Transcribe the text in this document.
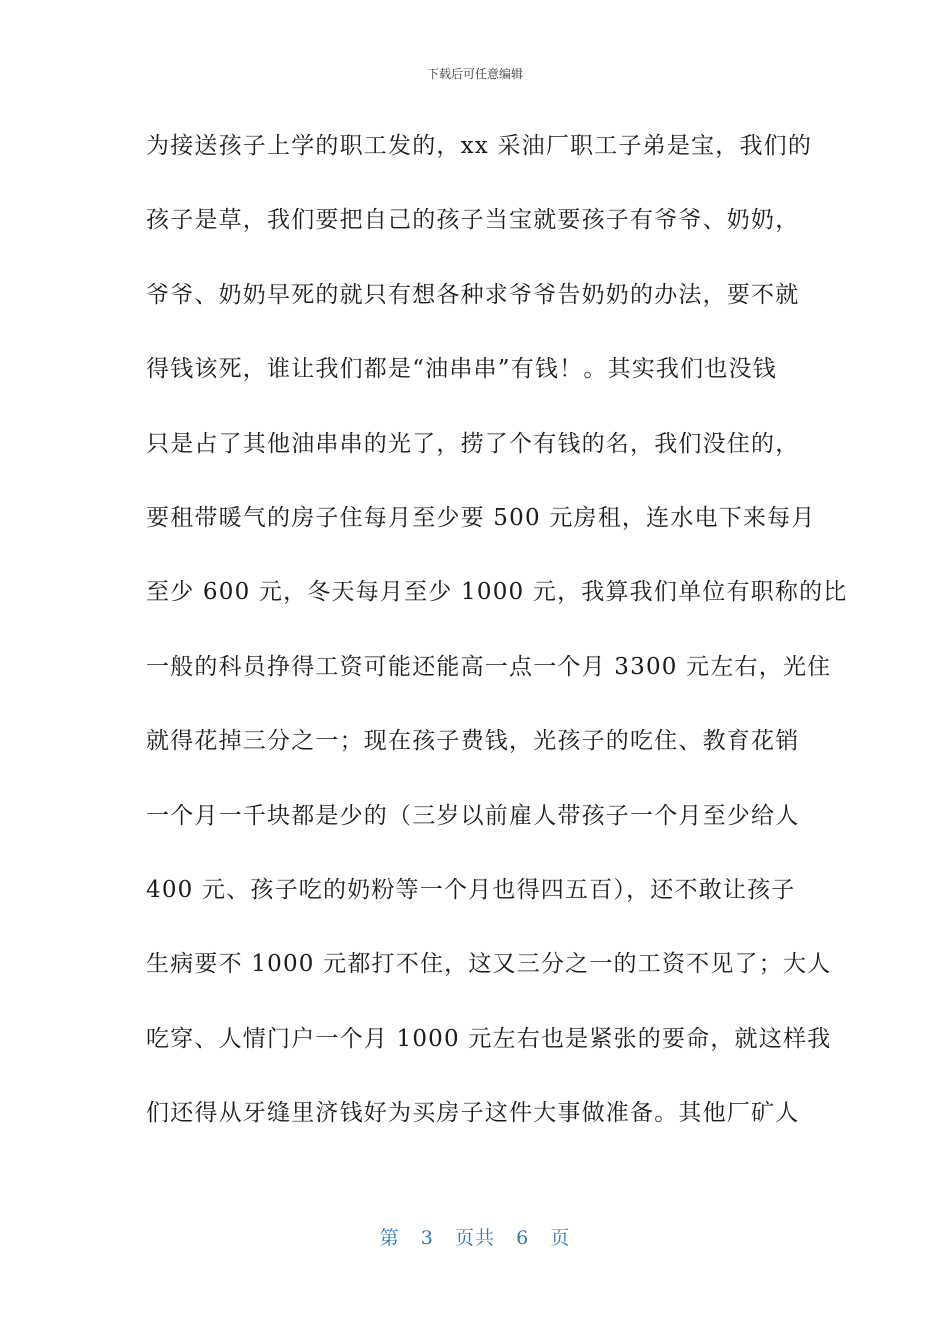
下载后可任意编辑
为接送孩子上学的职工发的，xx 采油厂职工子弟是宝，我们的
孩子是草，我们要把自己的孩子当宝就要孩子有爷爷、奶奶，
爷爷、奶奶早死的就只有想各种求爷爷告奶奶的办法，要不就
得钱该死，谁让我们都是“油串串”有钱！。其实我们也没钱
只是占了其他油串串的光了，捞了个有钱的名，我们没住的，
要租带暖气的房子住每月至少要 500 元房租，连水电下来每月
至少 600 元，冬天每月至少 1000 元，我算我们单位有职称的比
一般的科员挣得工资可能还能高一点一个月 3300 元左右，光住
就得花掉三分之一；现在孩子费钱，光孩子的吃住、教育花销
一个月一千块都是少的（三岁以前雇人带孩子一个月至少给人
400 元、孩子吃的奶粉等一个月也得四五百），还不敢让孩子
生病要不 1000 元都打不住，这又三分之一的工资不见了；大人
吃穿、人情门户一个月 1000 元左右也是紧张的要命，就这样我
们还得从牙缝里济钱好为买房子这件大事做准备。其他厂矿人
第 3 页共 6 页
